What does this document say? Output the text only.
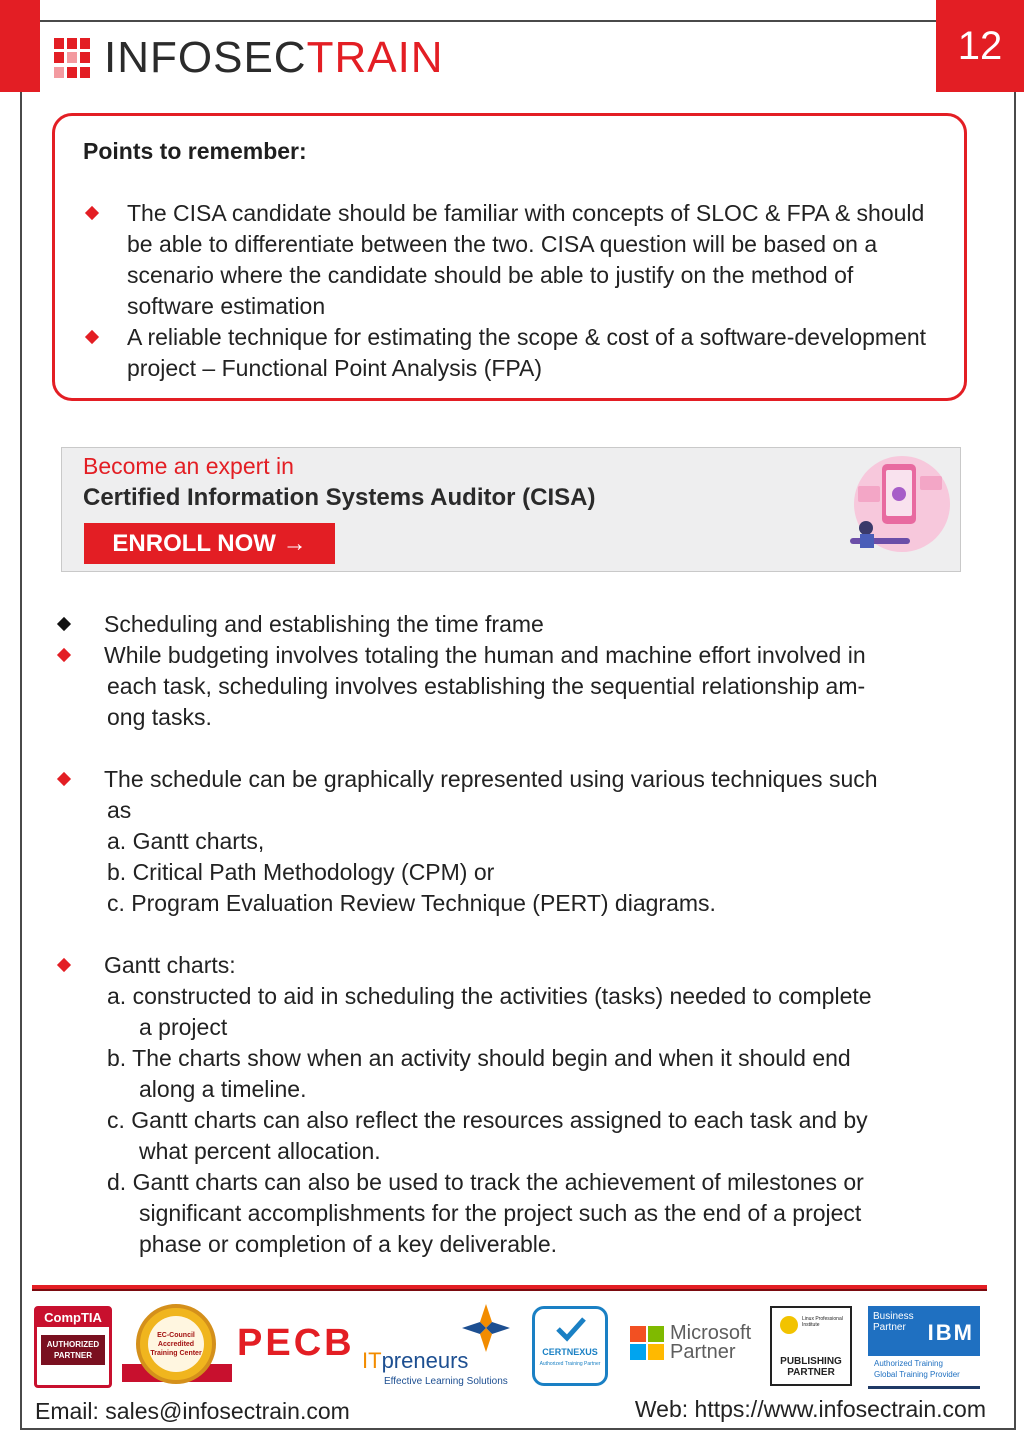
12
INFOSECTRAIN
Points to remember:
The CISA candidate should be familiar with concepts of SLOC & FPA & should be able to differentiate between the two. CISA question will be based on a scenario where the candidate should be able to justify on the method of software estimation
A reliable technique for estimating the scope & cost of a software-development project – Functional Point Analysis (FPA)
Become an expert in
Certified Information Systems Auditor (CISA)
ENROLL NOW →
Scheduling and establishing the time frame
While budgeting involves totaling the human and machine effort involved in
each task, scheduling involves establishing the sequential relationship am-
ong tasks.
The schedule can be graphically represented using various techniques such
as
a. Gantt charts,
b. Critical Path Methodology (CPM) or
c. Program Evaluation Review Technique (PERT) diagrams.
Gantt charts:
a. constructed to aid in scheduling the activities (tasks) needed to complete
a project
b. The charts show when an activity should begin and when it should end
along a timeline.
c. Gantt charts can also reflect the resources assigned to each task and by
what percent allocation.
d. Gantt charts can also be used to track the achievement of milestones or
significant accomplishments for the project such as the end of a project
phase or completion of a key deliverable.
CompTIA
AUTHORIZED PARTNER
EC-Council
Accredited
Training Center PECB ITpreneurs
Effective Learning Solutions
CERTNEXUS
Authorized Training Partner
Microsoft
Partner
Linux Professional Institute
PUBLISHING PARTNER
Business Partner IBM
Authorized Training
Global Training Provider
Email: sales@infosectrain.com	Web: https://www.infosectrain.com
